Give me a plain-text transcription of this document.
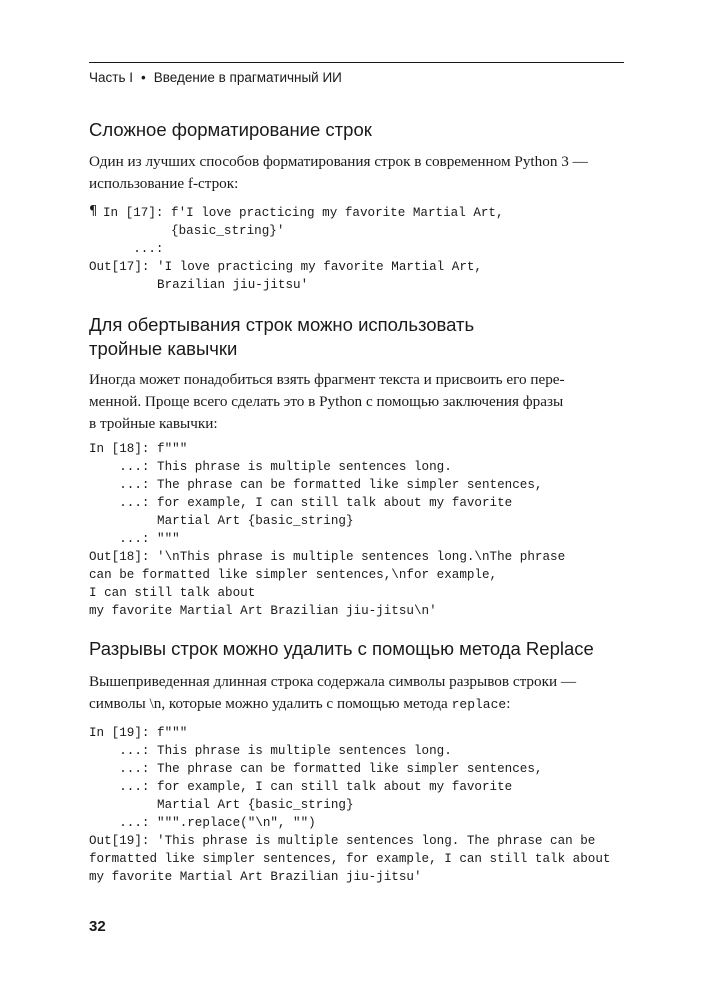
Часть I • Введение в прагматичный ИИ
Сложное форматирование строк
Один из лучших способов форматирования строк в современном Python 3 —
использование f-строк:
¶ In [17]: f'I love practicing my favorite Martial Art,
{basic_string}'
...:
Out[17]: 'I love practicing my favorite Martial Art,
Brazilian jiu-jitsu'
Для обертывания строк можно использовать
тройные кавычки
Иногда может понадобиться взять фрагмент текста и присвоить его пере-
менной. Проще всего сделать это в Python с помощью заключения фразы
в тройные кавычки:
In [18]: f"""
...: This phrase is multiple sentences long.
...: The phrase can be formatted like simpler sentences,
...: for example, I can still talk about my favorite
Martial Art {basic_string}
...: """
Out[18]: '\nThis phrase is multiple sentences long.\nThe phrase
can be formatted like simpler sentences,\nfor example,
I can still talk about
my favorite Martial Art Brazilian jiu-jitsu\n'
Разрывы строк можно удалить с помощью метода Replace
Вышеприведенная длинная строка содержала символы разрывов строки —
символы \n, которые можно удалить с помощью метода replace:
In [19]: f"""
...: This phrase is multiple sentences long.
...: The phrase can be formatted like simpler sentences,
...: for example, I can still talk about my favorite
Martial Art {basic_string}
...: """.replace("\n", "")
Out[19]: 'This phrase is multiple sentences long. The phrase can be
formatted like simpler sentences, for example, I can still talk about
my favorite Martial Art Brazilian jiu-jitsu'
32
